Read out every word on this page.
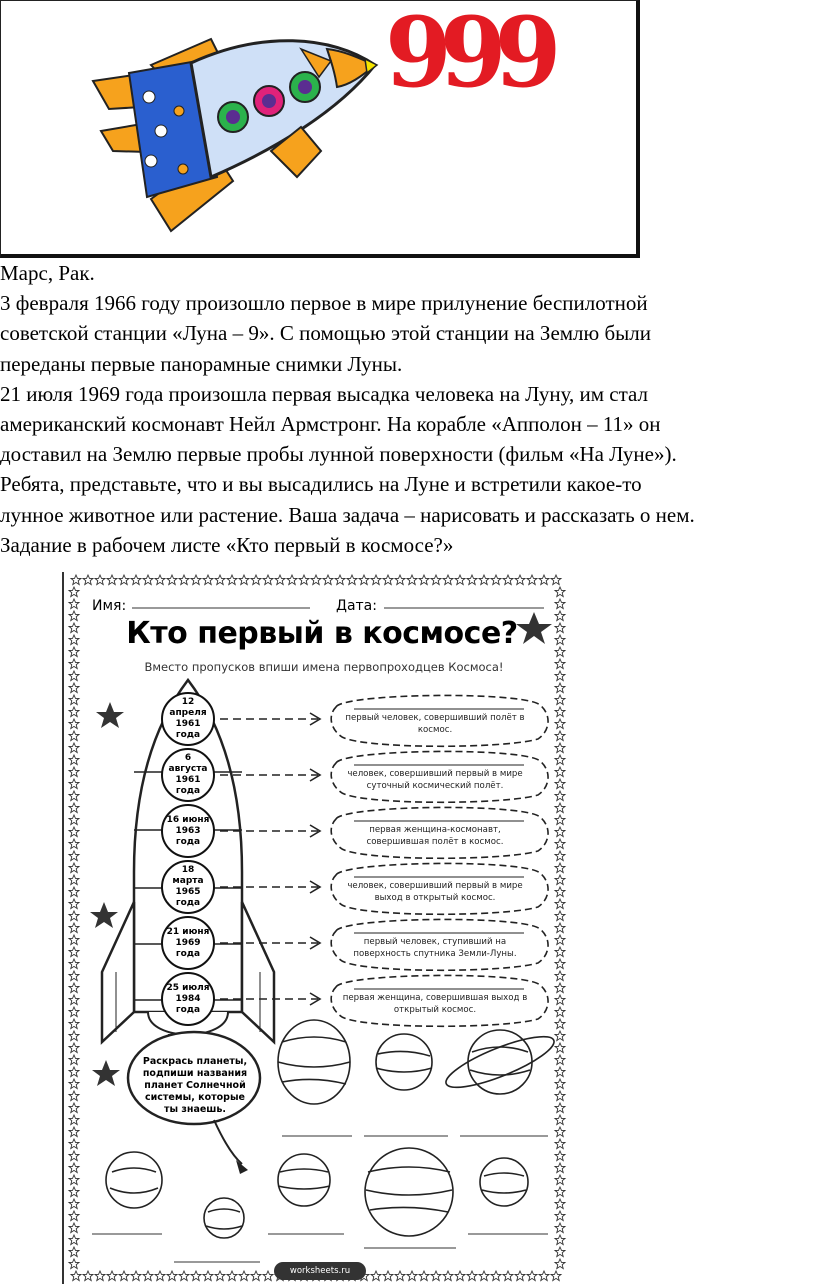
999

Марс, Рак.

3 февраля 1966 году произошло первое в мире прилунение беспилотной

советской станции «Луна – 9». С помощью этой станции на Землю были

переданы первые панорамные снимки Луны.

21 июля 1969 года произошла первая высадка человека на Луну, им стал

американский космонавт Нейл Армстронг. На корабле «Апполон – 11» он

доставил на Землю первые пробы лунной поверхности (фильм «На Луне»).

Ребята, представьте, что и вы высадились на Луне и встретили какое-то

лунное животное или растение. Ваша задача – нарисовать и рассказать о нем.

Задание в рабочем листе «Кто первый в космосе?»

Имя:	Дата:
Кто первый в космосе?
Вместо пропусков впиши имена первопроходцев Космоса!
12 апреля
1961 года
6 августа
1961 года
16 июня
1963 года
18 марта
1965 года
21 июня
1969 года
25 июля
1984 года
первый человек, совершивший полёт в космос.
человек, совершивший первый в мире суточный космический полёт.
первая женщина-космонавт, совершившая полёт в космос.
человек, совершивший первый в мире выход в открытый космос.
первый человек, ступивший на поверхность спутника Земли-Луны.
первая женщина, совершившая выход в открытый космос.
Раскрась планеты, подпиши названия планет Солнечной системы, которые ты знаешь.
worksheets.ru
